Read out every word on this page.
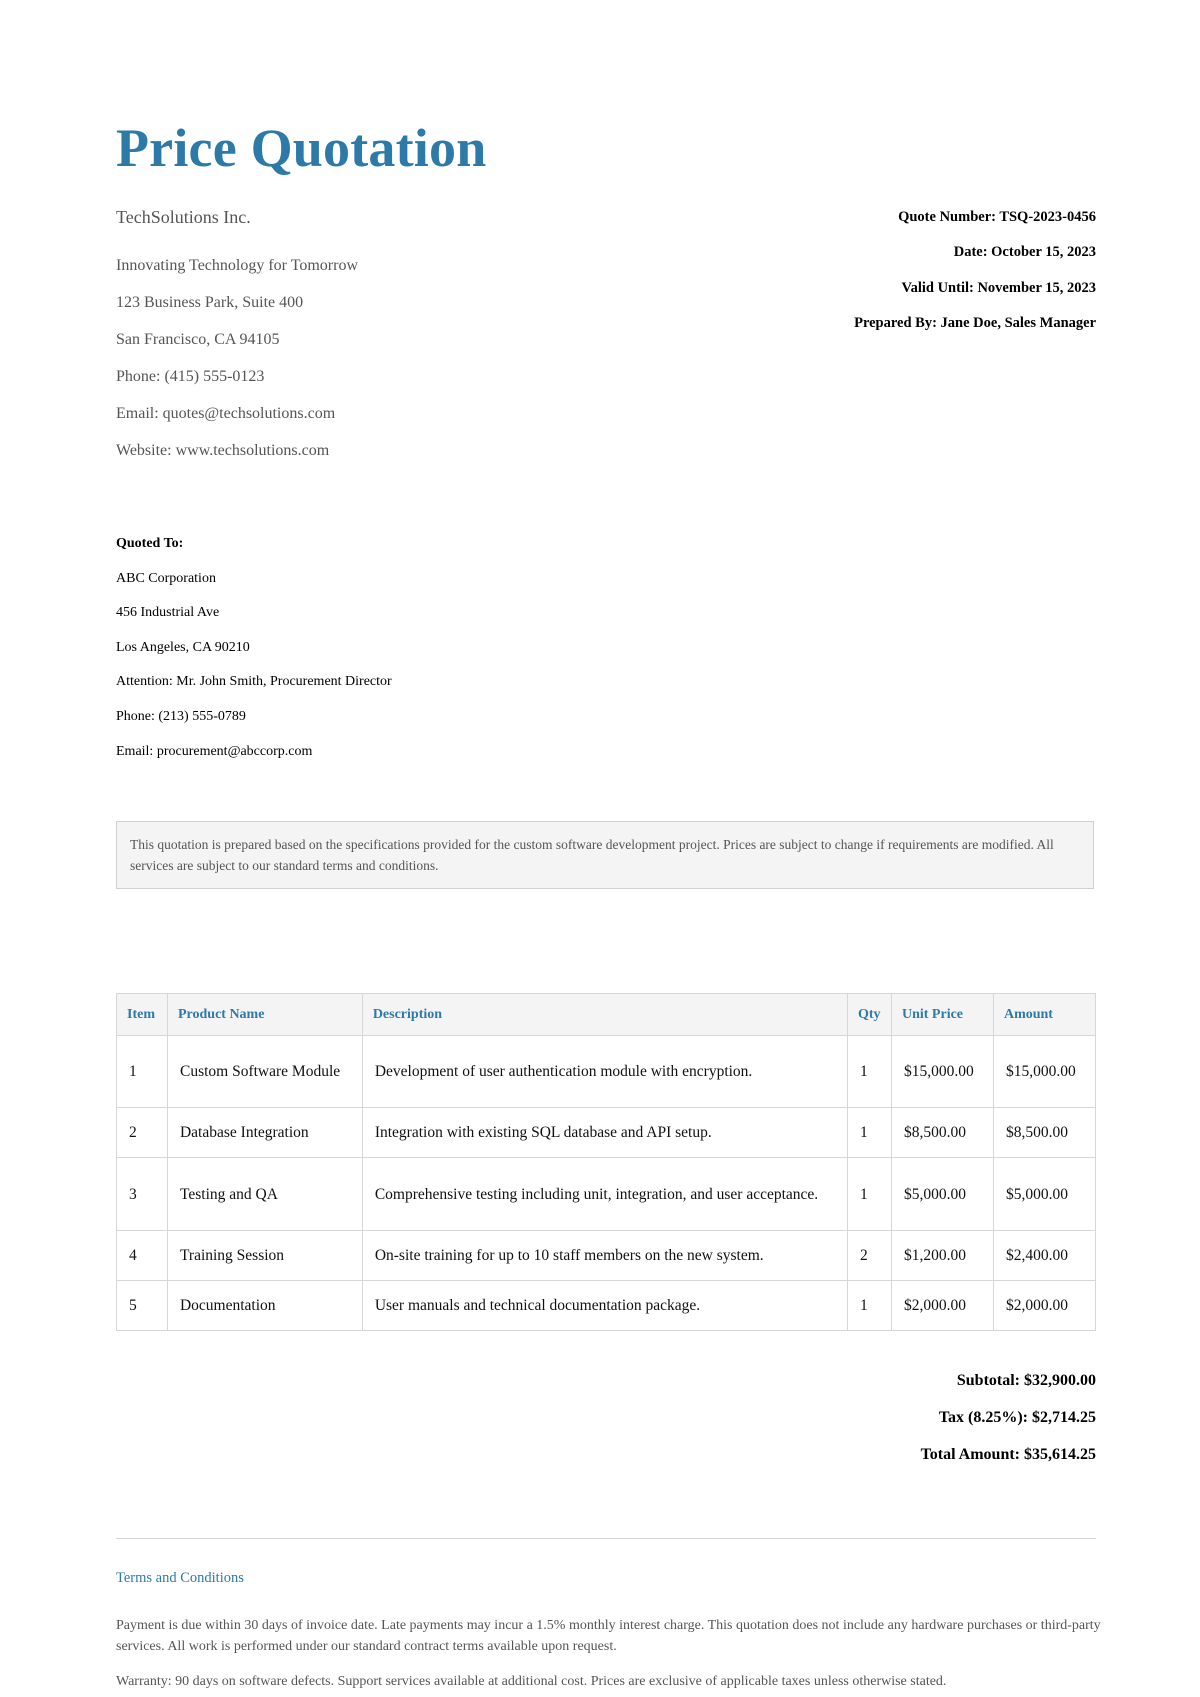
Price Quotation
TechSolutions Inc.
Innovating Technology for Tomorrow
123 Business Park, Suite 400
San Francisco, CA 94105
Phone: (415) 555-0123
Email: quotes@techsolutions.com
Website: www.techsolutions.com
Quote Number: TSQ-2023-0456
Date: October 15, 2023
Valid Until: November 15, 2023
Prepared By: Jane Doe, Sales Manager
Quoted To:
ABC Corporation
456 Industrial Ave
Los Angeles, CA 90210
Attention: Mr. John Smith, Procurement Director
Phone: (213) 555-0789
Email: procurement@abccorp.com
This quotation is prepared based on the specifications provided for the custom software development project. Prices are subject to change if requirements are modified. All services are subject to our standard terms and conditions.
Item	Product Name	Description	Qty	Unit Price	Amount
1	Custom Software Module	Development of user authentication module with encryption.	1	$15,000.00	$15,000.00
2	Database Integration	Integration with existing SQL database and API setup.	1	$8,500.00	$8,500.00
3	Testing and QA	Comprehensive testing including unit, integration, and user acceptance.	1	$5,000.00	$5,000.00
4	Training Session	On-site training for up to 10 staff members on the new system.	2	$1,200.00	$2,400.00
5	Documentation	User manuals and technical documentation package.	1	$2,000.00	$2,000.00
Subtotal: $32,900.00
Tax (8.25%): $2,714.25
Total Amount: $35,614.25
Terms and Conditions
Payment is due within 30 days of invoice date. Late payments may incur a 1.5% monthly interest charge. This quotation does not include any hardware purchases or third-party services. All work is performed under our standard contract terms available upon request.
Warranty: 90 days on software defects. Support services available at additional cost. Prices are exclusive of applicable taxes unless otherwise stated.
